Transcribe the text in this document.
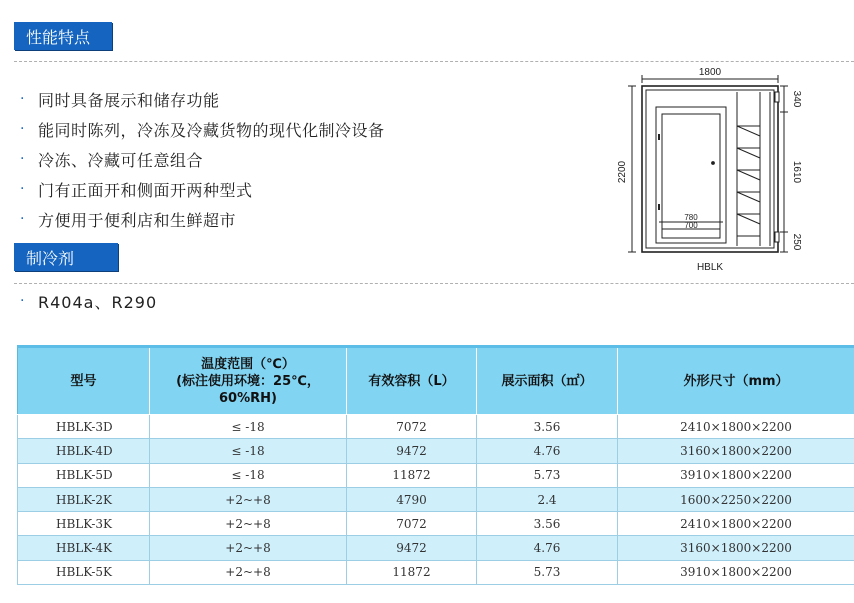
性能特点
· 同时具备展示和储存功能
· 能同时陈列，冷冻及冷藏货物的现代化制冷设备
· 冷冻、冷藏可任意组合
· 门有正面开和侧面开两种型式
· 方便用于便利店和生鲜超市
制冷剂
· R404a、R290
1800
2200
340
1610
250
780
700
HBLK
型号	温度范围（℃）
(标注使用环境：25℃，
60%RH)	有效容积（L）	展示面积（㎡）	外形尺寸（mm）
HBLK-3D	≤ -18	7072	3.56	2410×1800×2200
HBLK-4D	≤ -18	9472	4.76	3160×1800×2200
HBLK-5D	≤ -18	11872	5.73	3910×1800×2200
HBLK-2K	+2~+8	4790	2.4	1600×2250×2200
HBLK-3K	+2~+8	7072	3.56	2410×1800×2200
HBLK-4K	+2~+8	9472	4.76	3160×1800×2200
HBLK-5K	+2~+8	11872	5.73	3910×1800×2200
